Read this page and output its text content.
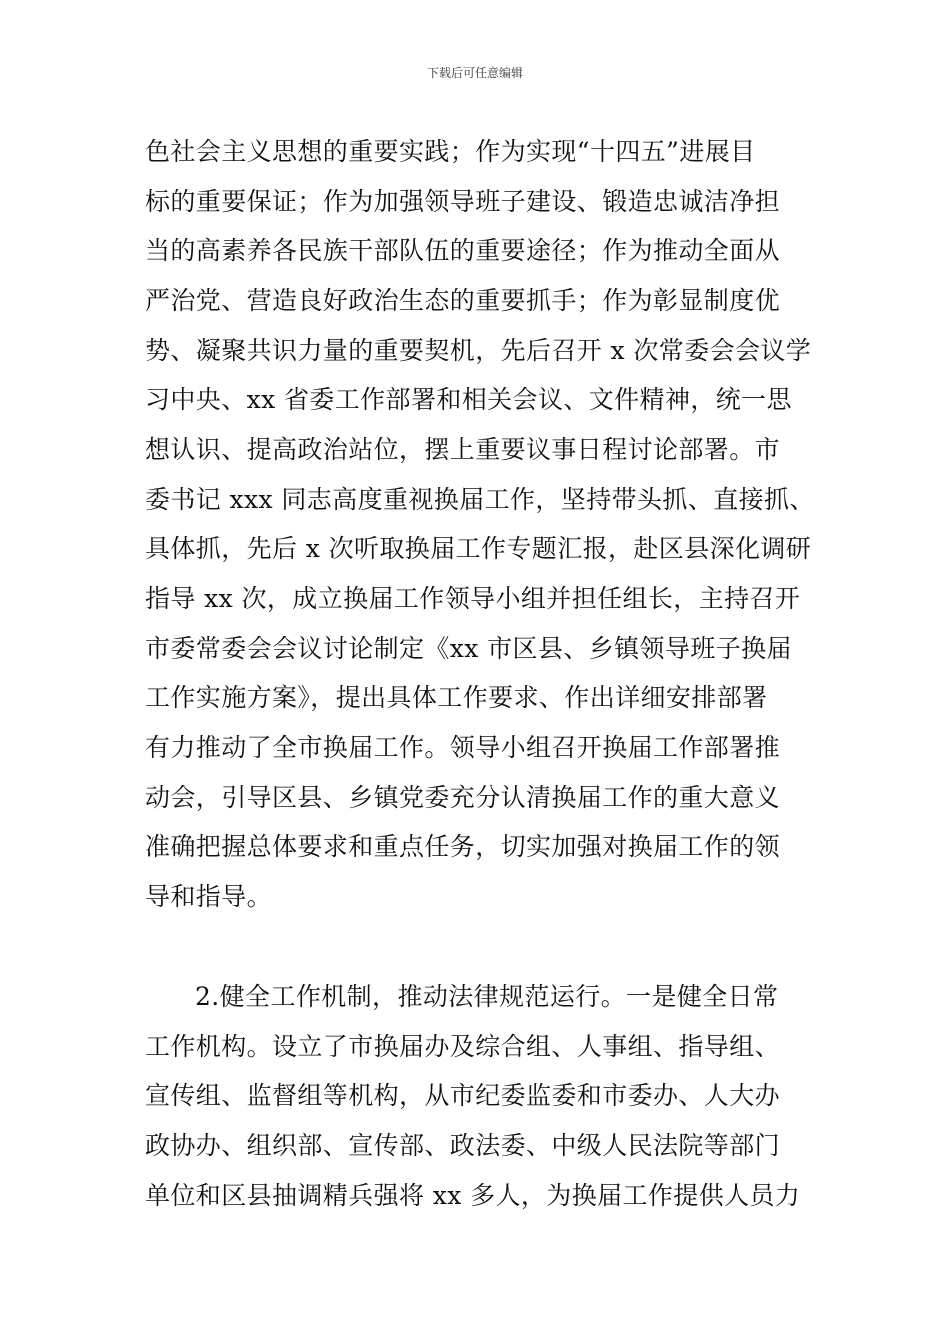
下载后可任意编辑
色社会主义思想的重要实践；作为实现“十四五”进展目
标的重要保证；作为加强领导班子建设、锻造忠诚洁净担
当的高素养各民族干部队伍的重要途径；作为推动全面从
严治党、营造良好政治生态的重要抓手；作为彰显制度优
势、凝聚共识力量的重要契机，先后召开 x 次常委会会议学
习中央、xx 省委工作部署和相关会议、文件精神，统一思
想认识、提高政治站位，摆上重要议事日程讨论部署。市
委书记 xxx 同志高度重视换届工作，坚持带头抓、直接抓、
具体抓，先后 x 次听取换届工作专题汇报，赴区县深化调研
指导 xx 次，成立换届工作领导小组并担任组长，主持召开
市委常委会会议讨论制定《xx 市区县、乡镇领导班子换届
工作实施方案》，提出具体工作要求、作出详细安排部署
有力推动了全市换届工作。领导小组召开换届工作部署推
动会，引导区县、乡镇党委充分认清换届工作的重大意义
准确把握总体要求和重点任务，切实加强对换届工作的领
导和指导。
2.健全工作机制，推动法律规范运行。一是健全日常
工作机构。设立了市换届办及综合组、人事组、指导组、
宣传组、监督组等机构，从市纪委监委和市委办、人大办
政协办、组织部、宣传部、政法委、中级人民法院等部门
单位和区县抽调精兵强将 xx 多人，为换届工作提供人员力
